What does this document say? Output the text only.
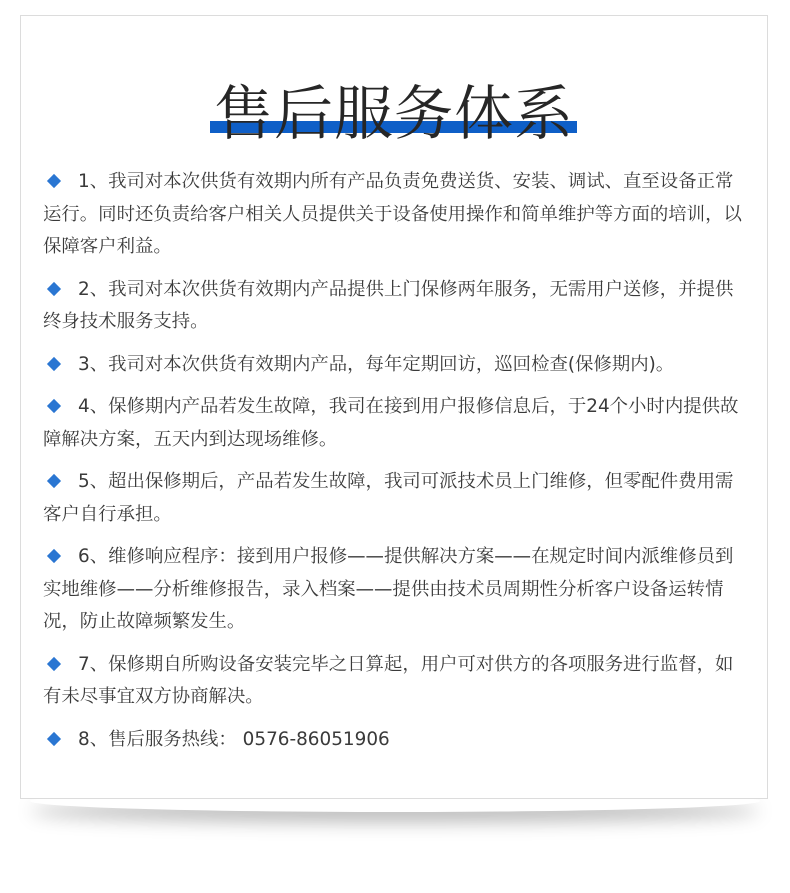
售后服务体系
1、我司对本次供货有效期内所有产品负责免费送货、安装、调试、直至设备正常运行。同时还负责给客户相关人员提供关于设备使用操作和简单维护等方面的培训，以保障客户利益。
2、我司对本次供货有效期内产品提供上门保修两年服务，无需用户送修，并提供终身技术服务支持。
3、我司对本次供货有效期内产品，每年定期回访，巡回检查(保修期内)。
4、保修期内产品若发生故障，我司在接到用户报修信息后，于24个小时内提供故障解决方案，五天内到达现场维修。
5、超出保修期后，产品若发生故障，我司可派技术员上门维修，但零配件费用需客户自行承担。
6、维修响应程序：接到用户报修——提供解决方案——在规定时间内派维修员到实地维修——分析维修报告，录入档案——提供由技术员周期性分析客户设备运转情况，防止故障频繁发生。
7、保修期自所购设备安装完毕之日算起，用户可对供方的各项服务进行监督，如有未尽事宜双方协商解决。
8、售后服务热线： 0576-86051906
